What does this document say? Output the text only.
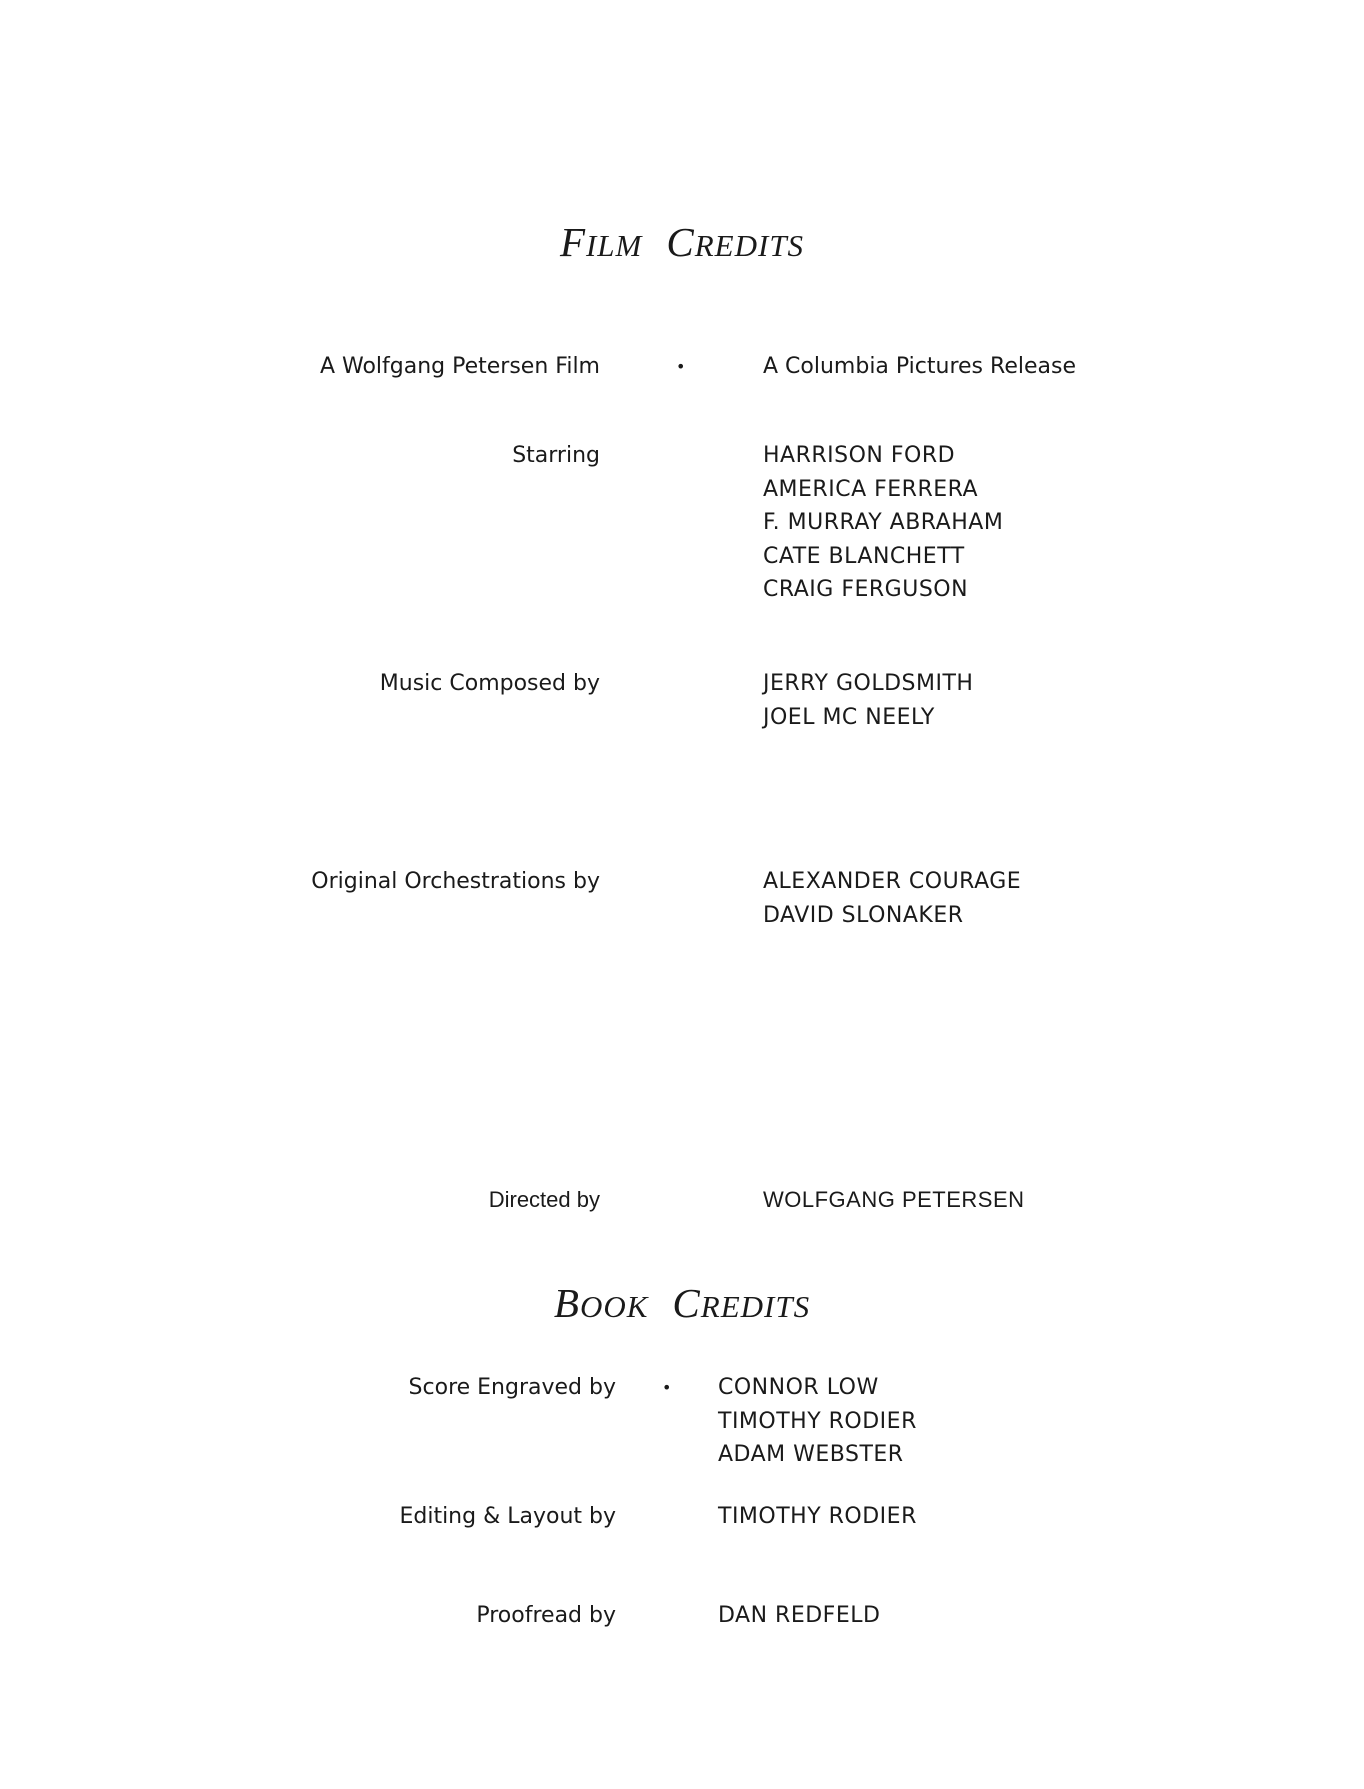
FILM CREDITS
A Wolfgang Petersen Film	•	A Columbia Pictures Release
Starring	HARRISON FORD
AMERICA FERRERA
F. MURRAY ABRAHAM
CATE BLANCHETT
CRAIG FERGUSON
Music Composed by	JERRY GOLDSMITH
JOEL MC NEELY
Original Orchestrations by	ALEXANDER COURAGE
DAVID SLONAKER
Directed by	WOLFGANG PETERSEN
BOOK CREDITS
Score Engraved by	• CONNOR LOW
TIMOTHY RODIER
ADAM WEBSTER
Editing & Layout by	TIMOTHY RODIER
Proofread by	DAN REDFELD
